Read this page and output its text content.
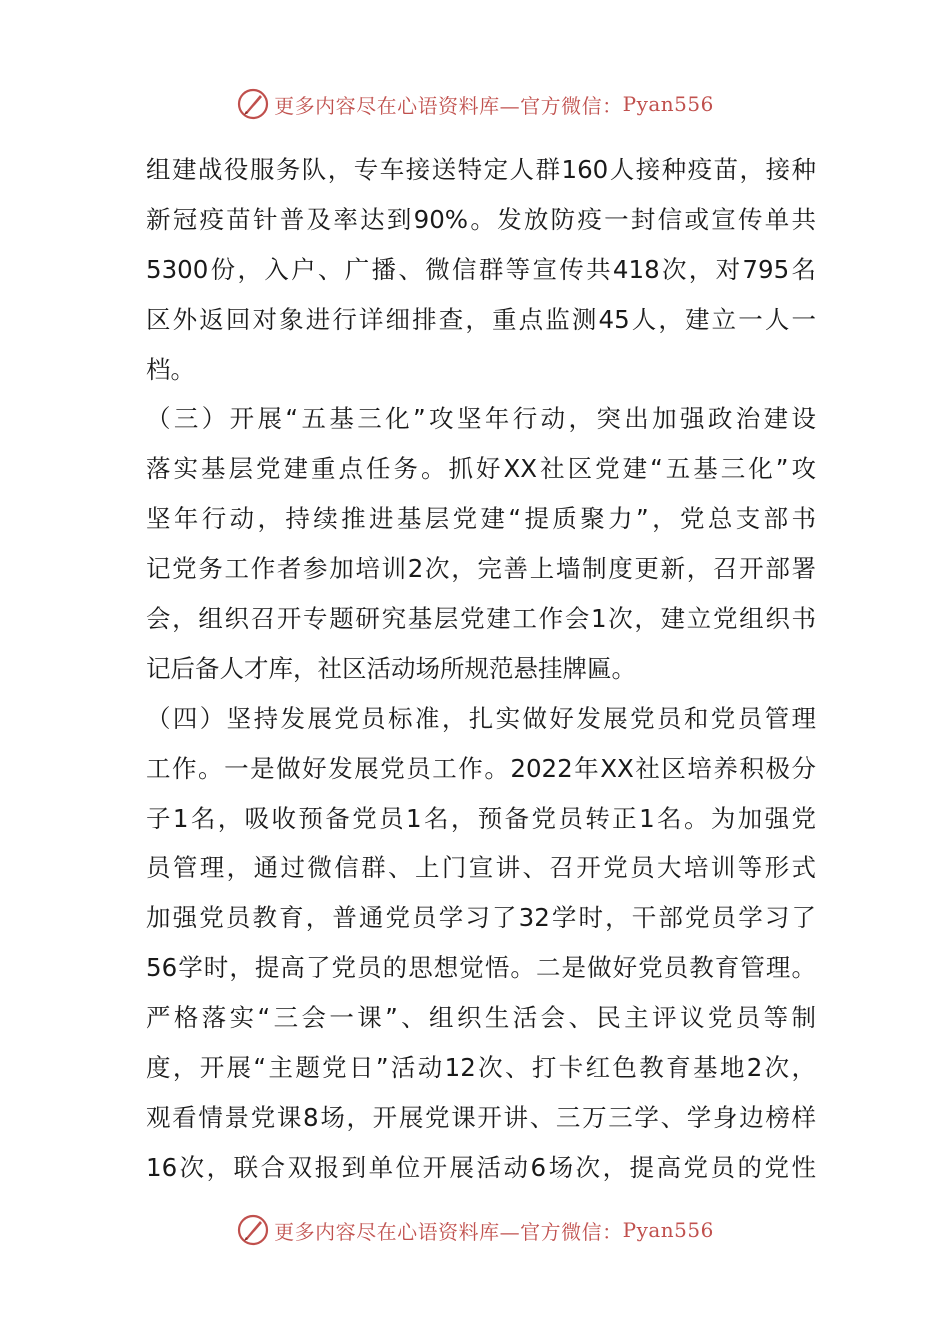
更多内容尽在心语资料库—官方微信： Pyan556
组建战役服务队，专车接送特定人群160人接种疫苗，接种
新冠疫苗针普及率达到90%。发放防疫一封信或宣传单共
5300份，入户、广播、微信群等宣传共418次，对795名
区外返回对象进行详细排查，重点监测45人，建立一人一
档。
（三）开展“五基三化”攻坚年行动，突出加强政治建设
落实基层党建重点任务。抓好XX社区党建“五基三化”攻
坚年行动，持续推进基层党建“提质聚力”，党总支部书
记党务工作者参加培训2次，完善上墙制度更新，召开部署
会，组织召开专题研究基层党建工作会1次，建立党组织书
记后备人才库，社区活动场所规范悬挂牌匾。
（四）坚持发展党员标准，扎实做好发展党员和党员管理
工作。一是做好发展党员工作。2022年XX社区培养积极分
子1名，吸收预备党员1名，预备党员转正1名。为加强党
员管理，通过微信群、上门宣讲、召开党员大培训等形式
加强党员教育，普通党员学习了32学时，干部党员学习了
56学时，提高了党员的思想觉悟。二是做好党员教育管理。
严格落实“三会一课”、组织生活会、民主评议党员等制
度，开展“主题党日”活动12次、打卡红色教育基地2次，
观看情景党课8场，开展党课开讲、三万三学、学身边榜样
16次，联合双报到单位开展活动6场次，提高党员的党性
更多内容尽在心语资料库—官方微信： Pyan556
